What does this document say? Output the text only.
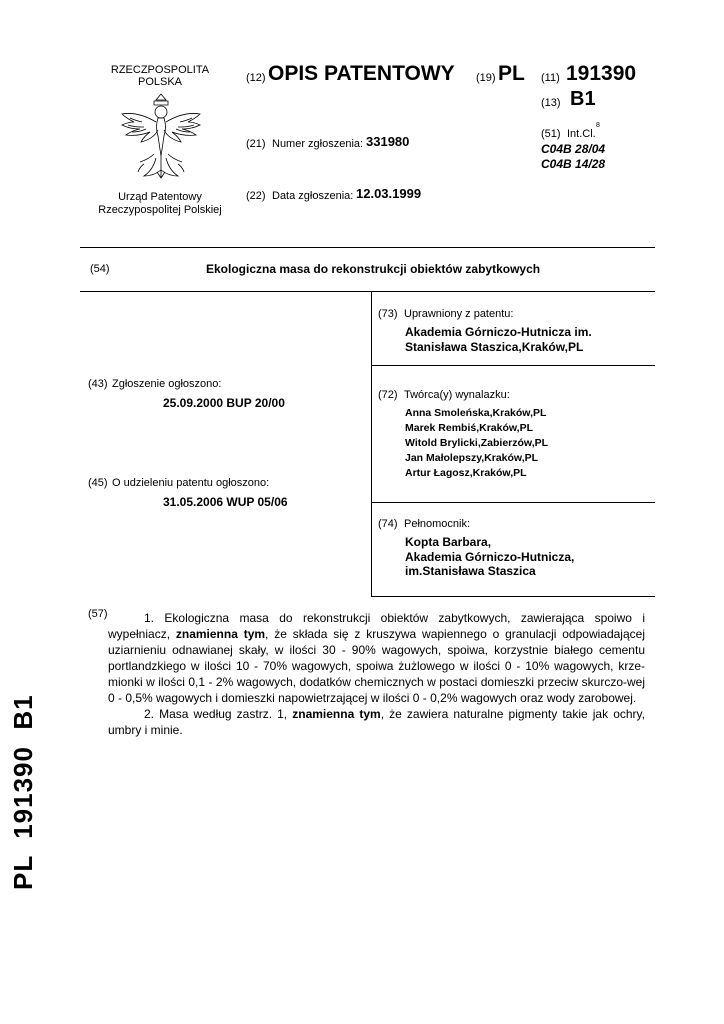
RZECZPOSPOLITA
POLSKA
Urząd Patentowy
Rzeczypospolitej Polskiej
(12) OPIS PATENTOWY (19) PL (11) 191390
(13) B1
(21) Numer zgłoszenia: 331980	(51) Int.Cl.
8
C04B 28/04
C04B 14/28
(22) Data zgłoszenia: 12.03.1999
(54)	Ekologiczna masa do rekonstrukcji obiektów zabytkowych
(73) Uprawniony z patentu:
Akademia Górniczo-Hutnicza im.
Stanisława Staszica,Kraków,PL
(72) Twórca(y) wynalazku:
Anna Smoleńska,Kraków,PL
Marek Rembiś,Kraków,PL
Witold Brylicki,Zabierzów,PL
Jan Małolepszy,Kraków,PL
Artur Łagosz,Kraków,PL
(74) Pełnomocnik:
Kopta Barbara,
Akademia Górniczo-Hutnicza,
im.Stanisława Staszica
(43) Zgłoszenie ogłoszono:
25.09.2000 BUP 20/00
(45) O udzieleniu patentu ogłoszono:
31.05.2006 WUP 05/06
(57)	1. Ekologiczna masa do rekonstrukcji obiektów zabytkowych, zawierająca spoiwo i wypełniacz, znamienna tym, że składa się z kruszywa wapiennego o granulacji odpowiadającej uziarnieniu odnawianej skały, w ilości 30 - 90% wagowych, spoiwa, korzystnie białego cementu portlandzkiego w ilości 10 - 70% wagowych, spoiwa żużlowego w ilości 0 - 10% wagowych, krze-mionki w ilości 0,1 - 2% wagowych, dodatków chemicznych w postaci domieszki przeciw skurczo-wej 0 - 0,5% wagowych i domieszki napowietrzającej w ilości 0 - 0,2% wagowych oraz wody zarobowej.

2. Masa według zastrz. 1, znamienna tym, że zawiera naturalne pigmenty takie jak ochry, umbry i minie.

PL  191390  B1
